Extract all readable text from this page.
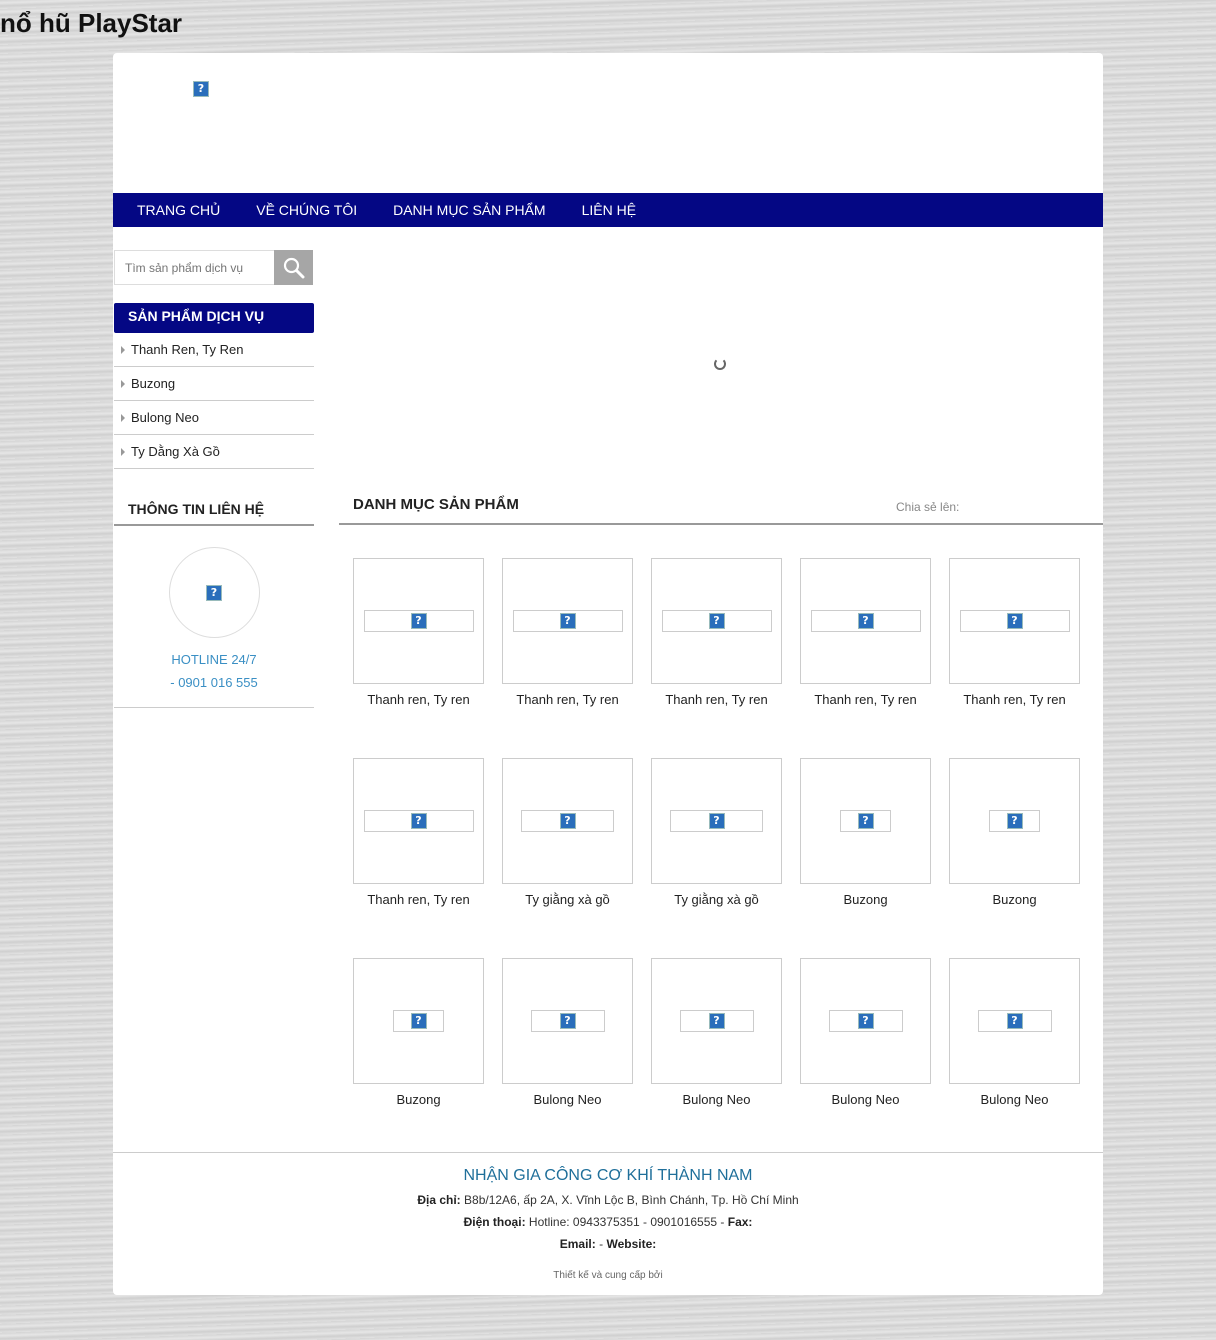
nổ hũ PlayStar
?
TRANG CHỦ	VỀ CHÚNG TÔI	DANH MỤC SẢN PHẨM	LIÊN HỆ
Tìm sản phẩm dịch vụ
SẢN PHẨM DỊCH VỤ
Thanh Ren, Ty Ren
Buzong
Bulong Neo
Ty Dằng Xà Gồ
THÔNG TIN LIÊN HỆ
?
HOTLINE 24/7
- 0901 016 555
DANH MỤC SẢN PHẨM	Chia sẻ lên:
?
Thanh ren, Ty ren
?
Thanh ren, Ty ren
?
Thanh ren, Ty ren
?
Thanh ren, Ty ren
?
Thanh ren, Ty ren
?
Thanh ren, Ty ren
?
Ty giằng xà gồ
?
Ty giằng xà gồ
?
Buzong
?
Buzong
?
Buzong
?
Bulong Neo
?
Bulong Neo
?
Bulong Neo
?
Bulong Neo
NHẬN GIA CÔNG CƠ KHÍ THÀNH NAM
Địa chỉ: B8b/12A6, ấp 2A, X. Vĩnh Lộc B, Bình Chánh, Tp. Hồ Chí Minh
Điện thoại: Hotline: 0943375351 - 0901016555 - Fax:
Email: - Website:
Thiết kế và cung cấp bởi
